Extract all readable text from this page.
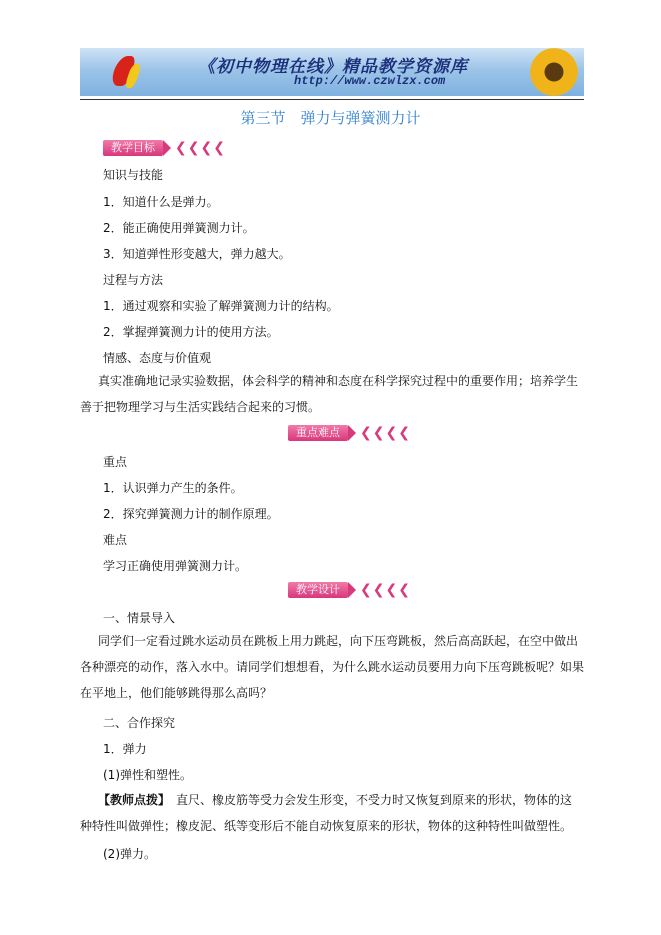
《初中物理在线》精品教学资源库
http://www.czwlzx.com
第三节　弹力与弹簧测力计
教学目标	❮❮❮❮
知识与技能
1．知道什么是弹力。
2．能正确使用弹簧测力计。
3．知道弹性形变越大，弹力越大。
过程与方法
1．通过观察和实验了解弹簧测力计的结构。
2．掌握弹簧测力计的使用方法。
情感、态度与价值观
真实准确地记录实验数据，体会科学的精神和态度在科学探究过程中的重要作用；培养学生善于把物理学习与生活实践结合起来的习惯。
重点难点	❮❮❮❮
重点
1．认识弹力产生的条件。
2．探究弹簧测力计的制作原理。
难点
学习正确使用弹簧测力计。
教学设计	❮❮❮❮
一、情景导入
同学们一定看过跳水运动员在跳板上用力跳起，向下压弯跳板，然后高高跃起，在空中做出各种漂亮的动作，落入水中。请同学们想想看，为什么跳水运动员要用力向下压弯跳板呢？如果在平地上，他们能够跳得那么高吗？
二、合作探究
1．弹力
(1)弹性和塑性。
【教师点拨】　 直尺、橡皮筋等受力会发生形变，不受力时又恢复到原来的形状，物体的这种特性叫做弹性；橡皮泥、纸等变形后不能自动恢复原来的形状，物体的这种特性叫做塑性。
(2)弹力。
